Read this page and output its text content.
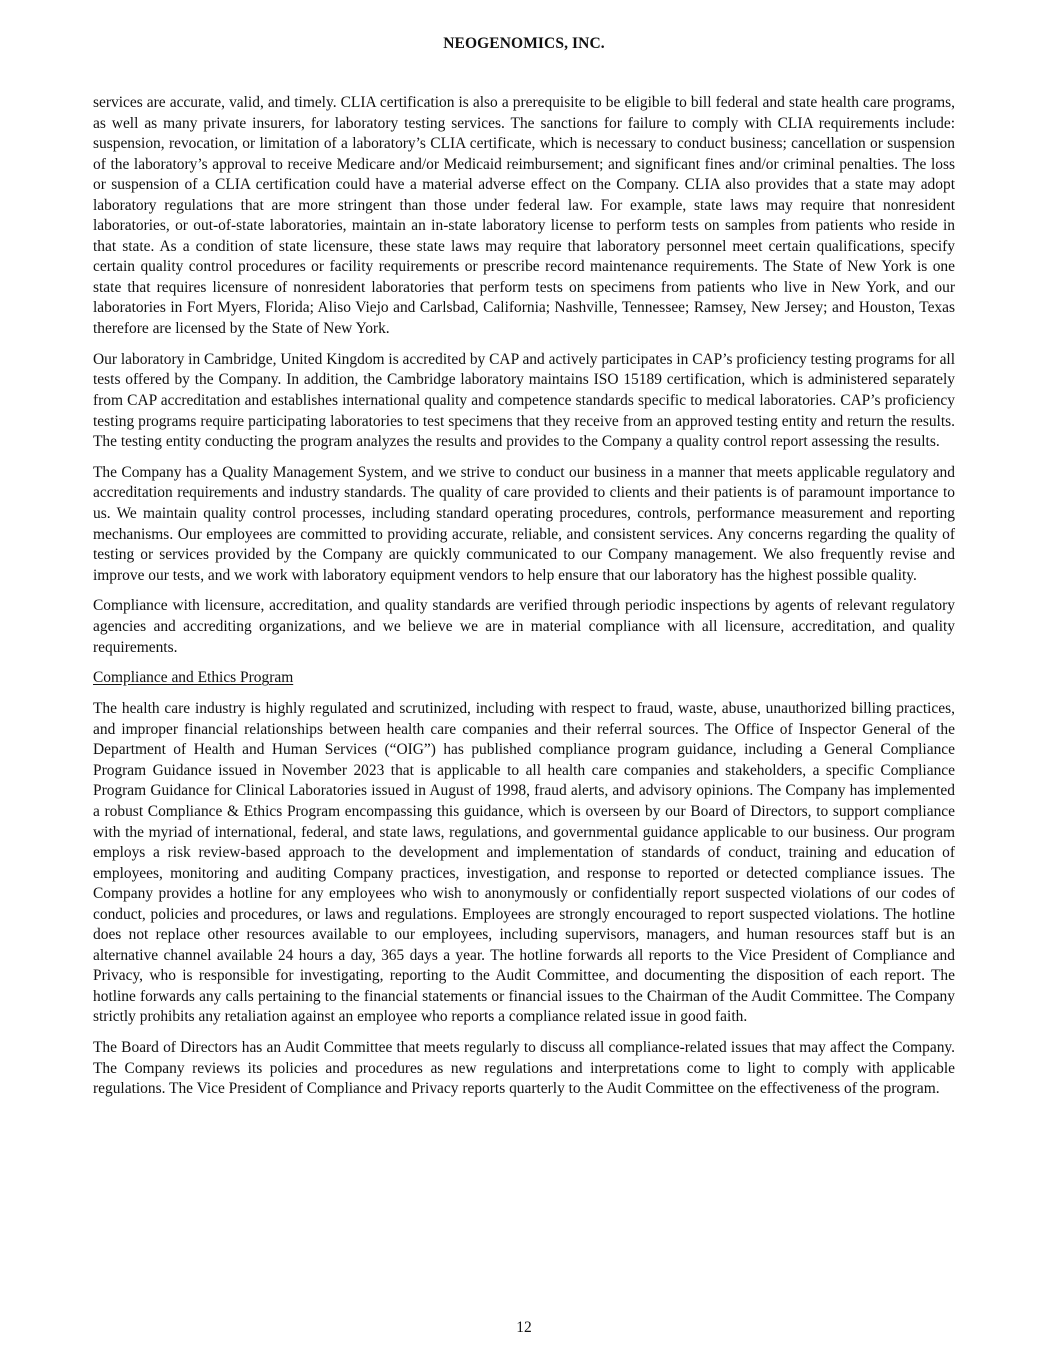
NEOGENOMICS, INC.

services are accurate, valid, and timely. CLIA certification is also a prerequisite to be eligible to bill federal and state health care programs, as well as many private insurers, for laboratory testing services. The sanctions for failure to comply with CLIA requirements include: suspension, revocation, or limitation of a laboratory’s CLIA certificate, which is necessary to conduct business; cancellation or suspension of the laboratory’s approval to receive Medicare and/or Medicaid reimbursement; and significant fines and/or criminal penalties. The loss or suspension of a CLIA certification could have a material adverse effect on the Company. CLIA also provides that a state may adopt laboratory regulations that are more stringent than those under federal law. For example, state laws may require that nonresident laboratories, or out-of-state laboratories, maintain an in-state laboratory license to perform tests on samples from patients who reside in that state. As a condition of state licensure, these state laws may require that laboratory personnel meet certain qualifications, specify certain quality control procedures or facility requirements or prescribe record maintenance requirements. The State of New York is one state that requires licensure of nonresident laboratories that perform tests on specimens from patients who live in New York, and our laboratories in Fort Myers, Florida; Aliso Viejo and Carlsbad, California; Nashville, Tennessee; Ramsey, New Jersey; and Houston, Texas therefore are licensed by the State of New York.

Our laboratory in Cambridge, United Kingdom is accredited by CAP and actively participates in CAP’s proficiency testing programs for all tests offered by the Company. In addition, the Cambridge laboratory maintains ISO 15189 certification, which is administered separately from CAP accreditation and establishes international quality and competence standards specific to medical laboratories. CAP’s proficiency testing programs require participating laboratories to test specimens that they receive from an approved testing entity and return the results. The testing entity conducting the program analyzes the results and provides to the Company a quality control report assessing the results.

The Company has a Quality Management System, and we strive to conduct our business in a manner that meets applicable regulatory and accreditation requirements and industry standards. The quality of care provided to clients and their patients is of paramount importance to us. We maintain quality control processes, including standard operating procedures, controls, performance measurement and reporting mechanisms. Our employees are committed to providing accurate, reliable, and consistent services. Any concerns regarding the quality of testing or services provided by the Company are quickly communicated to our Company management. We also frequently revise and improve our tests, and we work with laboratory equipment vendors to help ensure that our laboratory has the highest possible quality.

Compliance with licensure, accreditation, and quality standards are verified through periodic inspections by agents of relevant regulatory agencies and accrediting organizations, and we believe we are in material compliance with all licensure, accreditation, and quality requirements.

Compliance and Ethics Program

The health care industry is highly regulated and scrutinized, including with respect to fraud, waste, abuse, unauthorized billing practices, and improper financial relationships between health care companies and their referral sources. The Office of Inspector General of the Department of Health and Human Services (“OIG”) has published compliance program guidance, including a General Compliance Program Guidance issued in November 2023 that is applicable to all health care companies and stakeholders, a specific Compliance Program Guidance for Clinical Laboratories issued in August of 1998, fraud alerts, and advisory opinions. The Company has implemented a robust Compliance & Ethics Program encompassing this guidance, which is overseen by our Board of Directors, to support compliance with the myriad of international, federal, and state laws, regulations, and governmental guidance applicable to our business. Our program employs a risk review-based approach to the development and implementation of standards of conduct, training and education of employees, monitoring and auditing Company practices, investigation, and response to reported or detected compliance issues. The Company provides a hotline for any employees who wish to anonymously or confidentially report suspected violations of our codes of conduct, policies and procedures, or laws and regulations. Employees are strongly encouraged to report suspected violations. The hotline does not replace other resources available to our employees, including supervisors, managers, and human resources staff but is an alternative channel available 24 hours a day, 365 days a year. The hotline forwards all reports to the Vice President of Compliance and Privacy, who is responsible for investigating, reporting to the Audit Committee, and documenting the disposition of each report. The hotline forwards any calls pertaining to the financial statements or financial issues to the Chairman of the Audit Committee. The Company strictly prohibits any retaliation against an employee who reports a compliance related issue in good faith.

The Board of Directors has an Audit Committee that meets regularly to discuss all compliance-related issues that may affect the Company. The Company reviews its policies and procedures as new regulations and interpretations come to light to comply with applicable regulations. The Vice President of Compliance and Privacy reports quarterly to the Audit Committee on the effectiveness of the program.

12
